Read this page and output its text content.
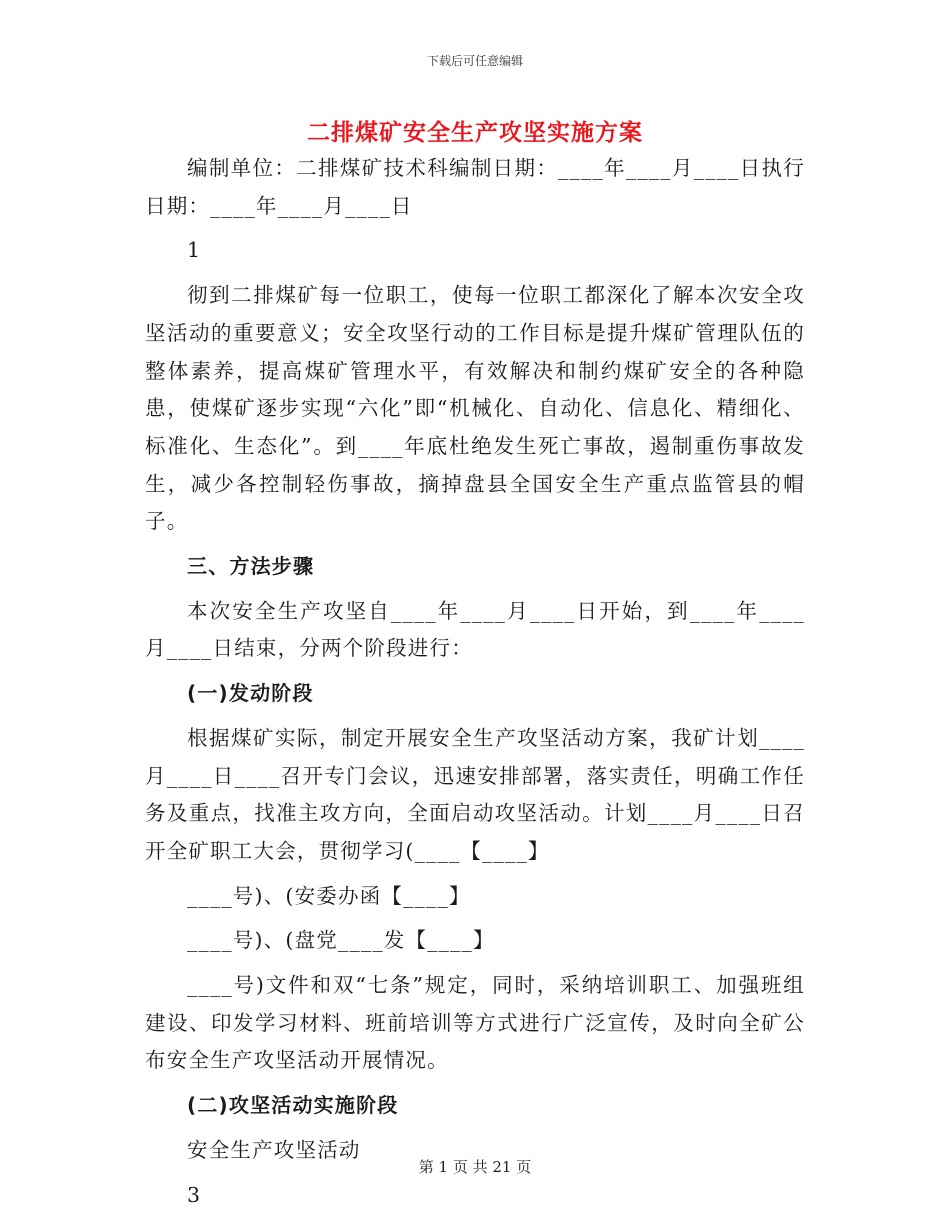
下载后可任意编辑
二排煤矿安全生产攻坚实施方案

编制单位：二排煤矿技术科编制日期：____年____月____日执行日期：____年____月____日

1

彻到二排煤矿每一位职工，使每一位职工都深化了解本次安全攻坚活动的重要意义；安全攻坚行动的工作目标是提升煤矿管理队伍的整体素养，提高煤矿管理水平，有效解决和制约煤矿安全的各种隐患，使煤矿逐步实现“六化”即“机械化、自动化、信息化、精细化、标准化、生态化”。到____年底杜绝发生死亡事故，遏制重伤事故发生，减少各控制轻伤事故，摘掉盘县全国安全生产重点监管县的帽子。

三、方法步骤

本次安全生产攻坚自____年____月____日开始，到____年____月____日结束，分两个阶段进行：

(一)发动阶段

根据煤矿实际，制定开展安全生产攻坚活动方案，我矿计划____月____日____召开专门会议，迅速安排部署，落实责任，明确工作任务及重点，找准主攻方向，全面启动攻坚活动。计划____月____日召开全矿职工大会，贯彻学习(____【____】

____号)、(安委办函【____】

____号)、(盘党____发【____】

____号)文件和双“七条”规定，同时，采纳培训职工、加强班组建设、印发学习材料、班前培训等方式进行广泛宣传，及时向全矿公布安全生产攻坚活动开展情况。

(二)攻坚活动实施阶段

安全生产攻坚活动

3

第 1 页 共 21 页
